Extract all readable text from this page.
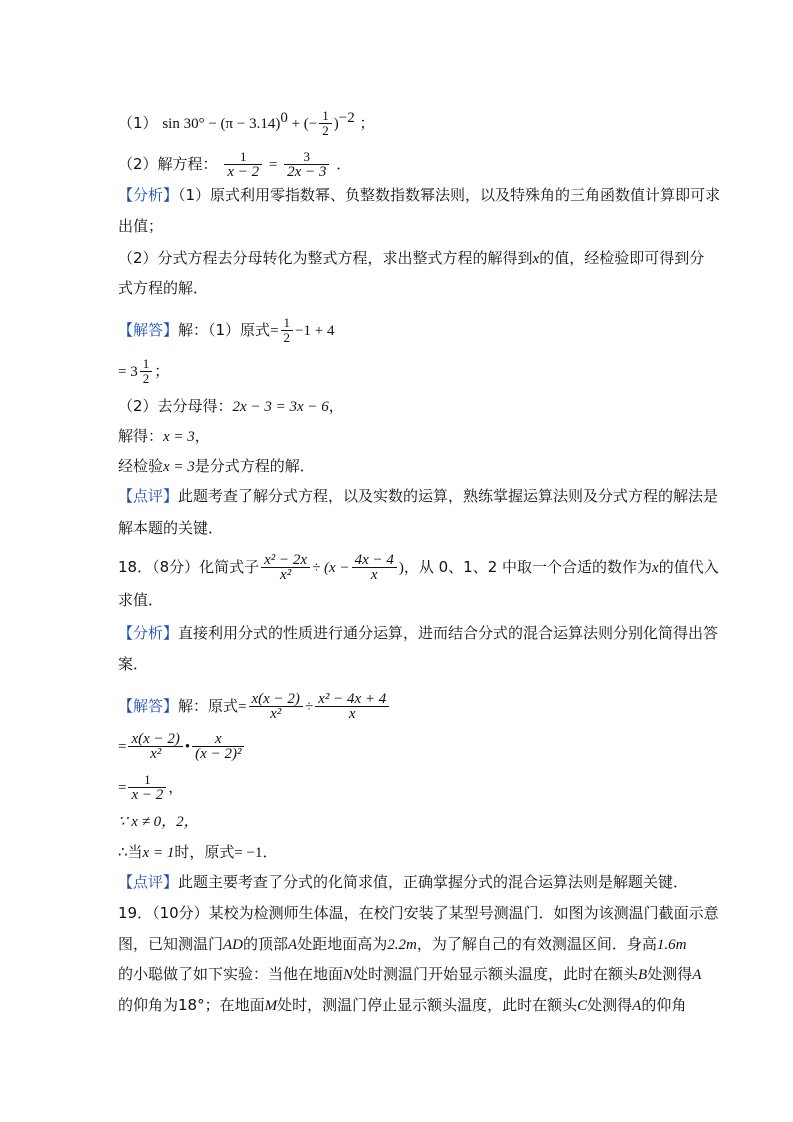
（1） $\sin 30^\circ - (\pi - 3.14)^0$ + (− $\frac{1}{2} )^{-2}$ ；
（2）解方程： $\frac{1}{x - 2} = \frac{3}{2x - 3}$ ．
【分析】（1）原式利用零指数幂、负整数指数幂法则，以及特殊角的三角函数值计算即可求
出值；
（2）分式方程去分母转化为整式方程，求出整式方程的解得到x的值，经检验即可得到分
式方程的解．
【解答】解：（1）原式= $\frac{1}{2} -1 + 4$
= $3 \frac{1}{2}$ ；
（2）去分母得：2x − 3 = 3x − 6，
解得：x = 3，
经检验x = 3是分式方程的解．
【点评】此题考查了解分式方程，以及实数的运算，熟练掌握运算法则及分式方程的解法是
解本题的关键．
18．（8分）化简式子 $\frac{\text{x² − 2x}}{\text{x²}} \div (x - \frac{4x - 4}{x}$ )，从 0、1、2 中取一个合适的数作为x的值代入
求值．
【分析】直接利用分式的性质进行通分运算，进而结合分式的混合运算法则分别化简得出答
案．
【解答】解：原式= $\frac{x(x - 2)}{\text{x²}} \div \frac{\text{x² − 4x + 4}}{x}$
= $\frac{x(x - 2)}{\text{x²}}$ • $\frac{x}{\text{(x − 2)²}}$
= $\frac{1}{x - 2}$ ，
∵ x ≠ 0，2，
∴当x = 1时，原式= −1．
【点评】此题主要考查了分式的化简求值，正确掌握分式的混合运算法则是解题关键．
19．（10分）某校为检测师生体温，在校门安装了某型号测温门．如图为该测温门截面示意
图，已知测温门AD的顶部A处距地面高为2.2m，为了解自己的有效测温区间．身高1.6m
的小聪做了如下实验：当他在地面N处时测温门开始显示额头温度，此时在额头B处测得A
的仰角为18°；在地面M处时，测温门停止显示额头温度，此时在额头C处测得A的仰角
